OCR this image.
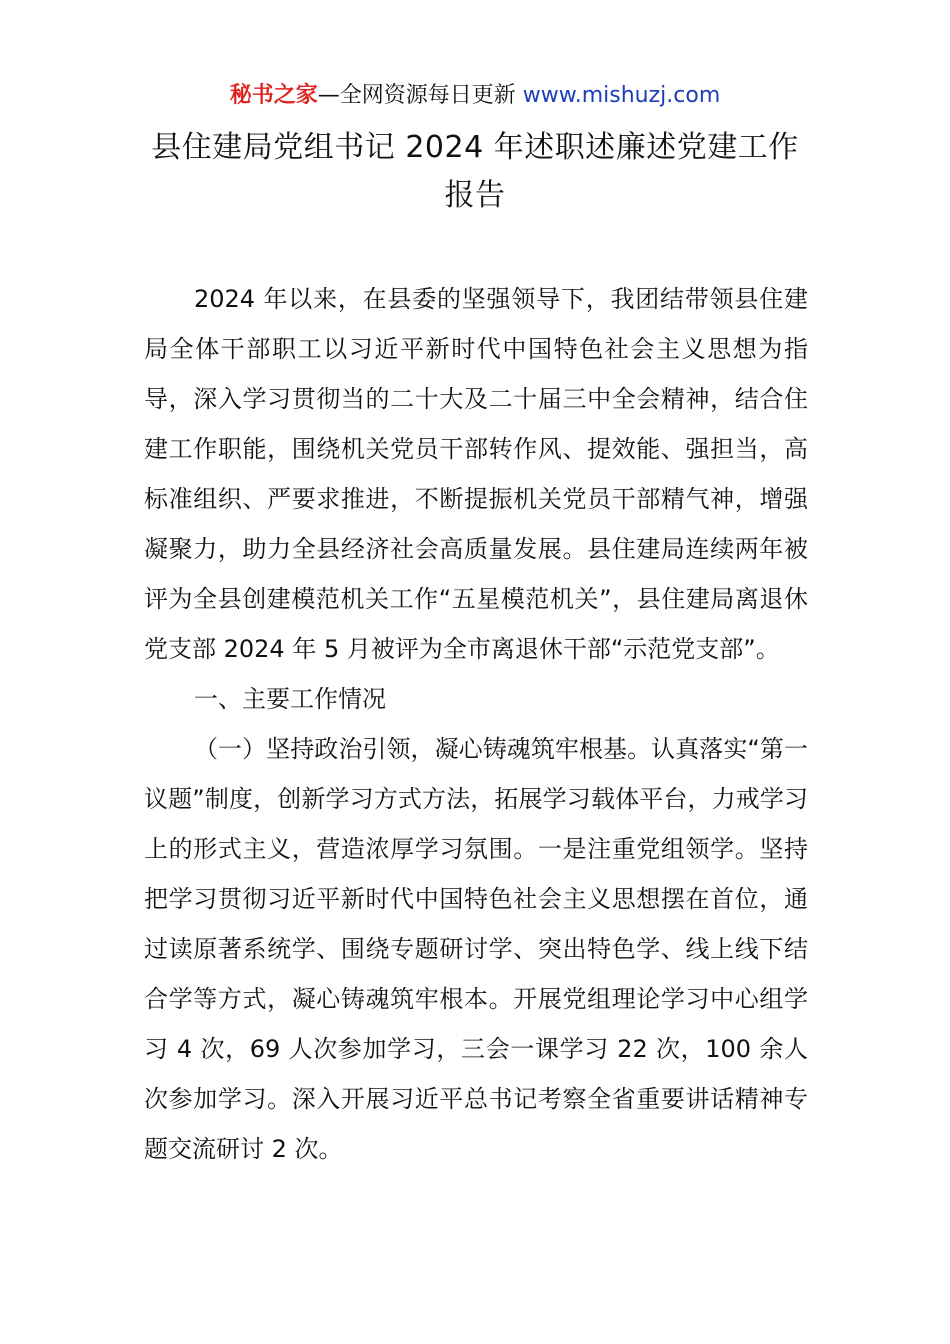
秘书之家—全网资源每日更新 www.mishuzj.com
县住建局党组书记 2024 年述职述廉述党建工作
报告

2024 年以来，在县委的坚强领导下，我团结带领县住建局全体干部职工以习近平新时代中国特色社会主义思想为指导，深入学习贯彻当的二十大及二十届三中全会精神，结合住建工作职能，围绕机关党员干部转作风、提效能、强担当，高标准组织、严要求推进，不断提振机关党员干部精气神，增强凝聚力，助力全县经济社会高质量发展。县住建局连续两年被评为全县创建模范机关工作“五星模范机关”，县住建局离退休党支部 2024 年 5 月被评为全市离退休干部“示范党支部”。

一、主要工作情况

（一）坚持政治引领，凝心铸魂筑牢根基。认真落实“第一议题”制度，创新学习方式方法，拓展学习载体平台，力戒学习上的形式主义，营造浓厚学习氛围。一是注重党组领学。坚持把学习贯彻习近平新时代中国特色社会主义思想摆在首位，通过读原著系统学、围绕专题研讨学、突出特色学、线上线下结合学等方式，凝心铸魂筑牢根本。开展党组理论学习中心组学习 4 次，69 人次参加学习，三会一课学习 22 次，100 余人次参加学习。深入开展习近平总书记考察全省重要讲话精神专题交流研讨 2 次。
